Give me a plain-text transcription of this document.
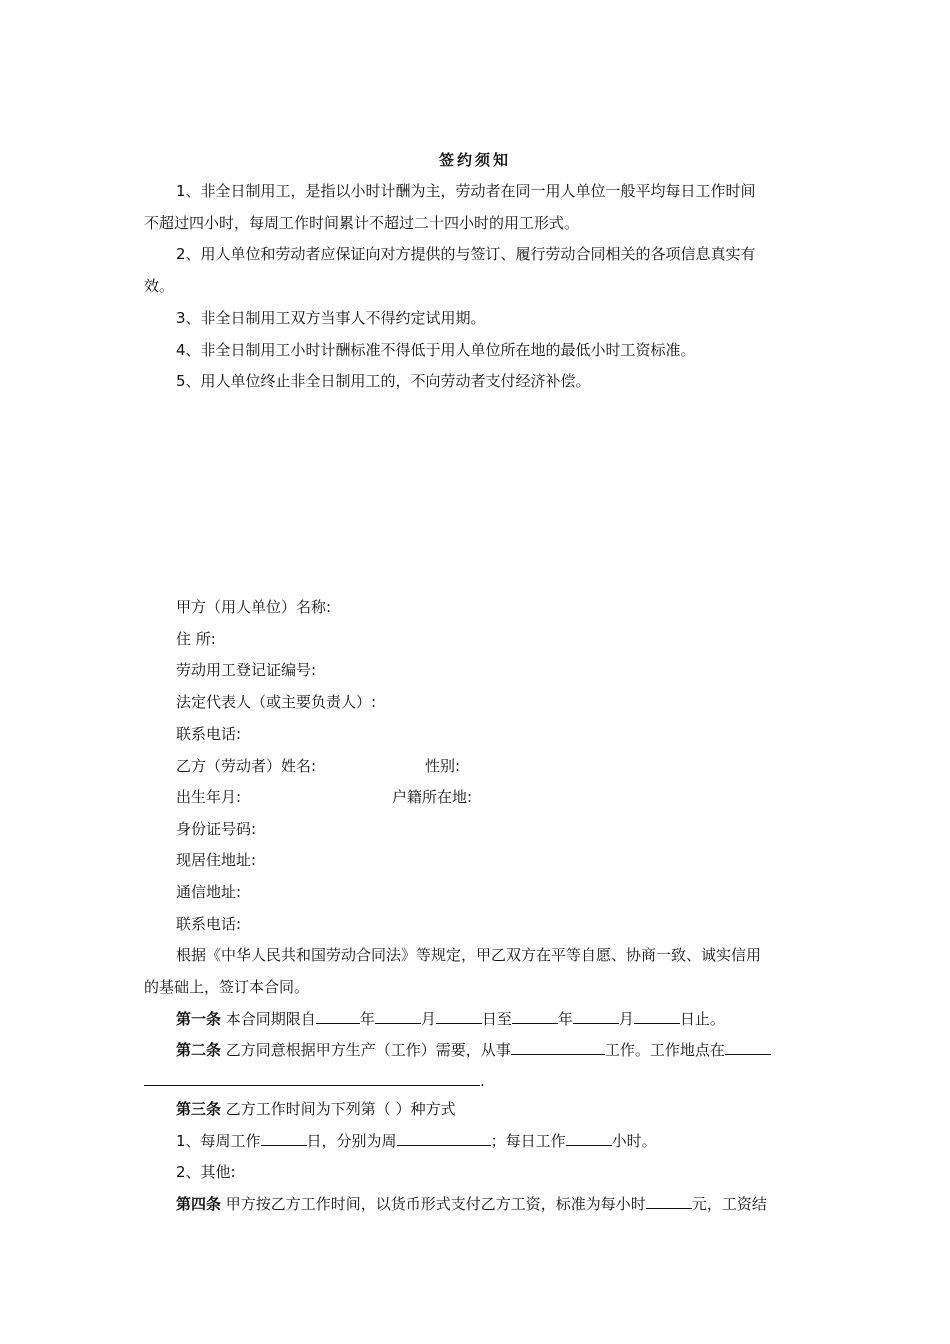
签约须知
1、非全日制用工，是指以小时计酬为主，劳动者在同一用人单位一般平均每日工作时间
不超过四小时，每周工作时间累计不超过二十四小时的用工形式。
2、用人单位和劳动者应保证向对方提供的与签订、履行劳动合同相关的各项信息真实有
效。
3、非全日制用工双方当事人不得约定试用期。
4、非全日制用工小时计酬标准不得低于用人单位所在地的最低小时工资标准。
5、用人单位终止非全日制用工的，不向劳动者支付经济补偿。
甲方（用人单位）名称:
住 所:
劳动用工登记证编号:
法定代表人（或主要负责人）:
联系电话:
乙方（劳动者）姓名:	性别:
出生年月:	户籍所在地:
身份证号码:
现居住地址:
通信地址:
联系电话:
根据《中华人民共和国劳动合同法》等规定，甲乙双方在平等自愿、协商一致、诚实信用
的基础上，签订本合同。
第一条 本合同期限自	年	月	日至	年	月	日止。
第二条 乙方同意根据甲方生产（工作）需要，从事	工作。工作地点在
.
第三条 乙方工作时间为下列第（ ）种方式
1、每周工作	日，分别为周	；每日工作	小时。
2、其他:
第四条 甲方按乙方工作时间，以货币形式支付乙方工资，标准为每小时	元，工资结
